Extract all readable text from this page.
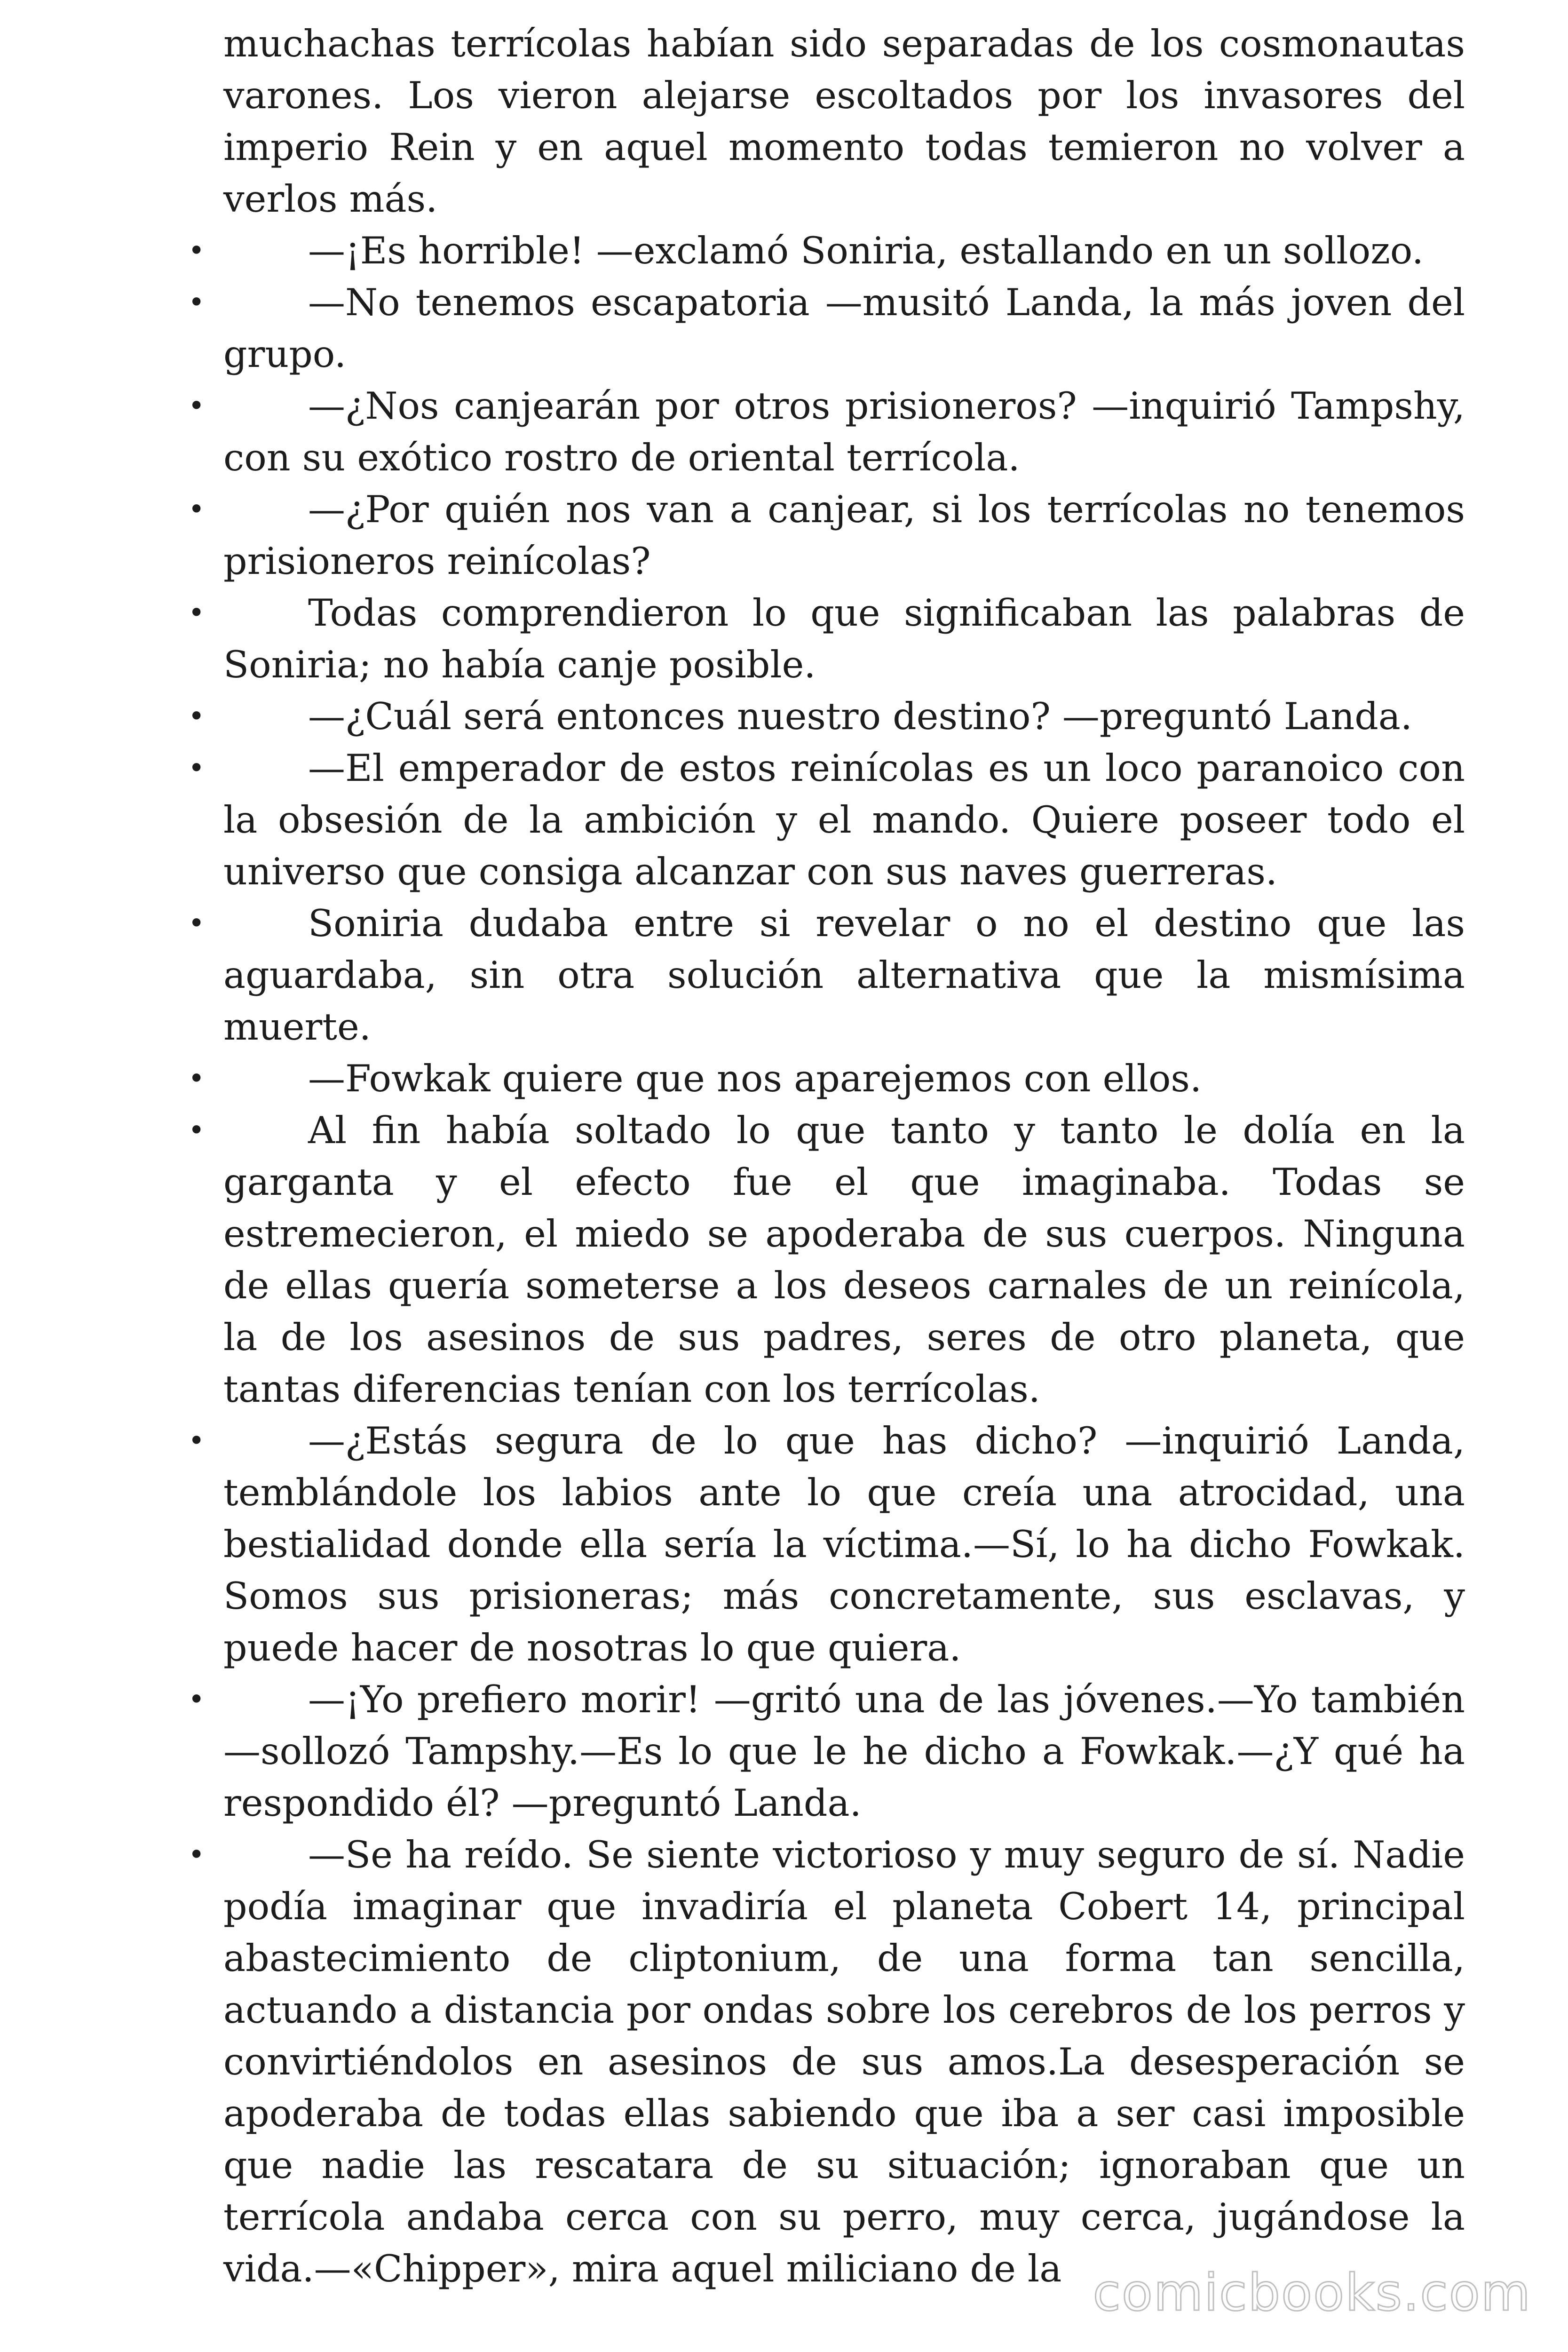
muchachas terrícolas habían sido separadas de los cosmonautas varones. Los vieron alejarse escoltados por los invasores del imperio Rein y en aquel momento todas temieron no volver a verlos más.

•	—¡Es horrible! —exclamó Soniria, estallando en un sollozo.

•	—No tenemos escapatoria —musitó Landa, la más joven del grupo.

•	—¿Nos canjearán por otros prisioneros? —inquirió Tampshy, con su exótico rostro de oriental terrícola.

•	—¿Por quién nos van a canjear, si los terrícolas no tenemos prisioneros reinícolas?

•	Todas comprendieron lo que significaban las palabras de Soniria; no había canje posible.

•	—¿Cuál será entonces nuestro destino? —preguntó Landa.

•	—El emperador de estos reinícolas es un loco paranoico con la obsesión de la ambición y el mando. Quiere poseer todo el universo que consiga alcanzar con sus naves guerreras.

•	Soniria dudaba entre si revelar o no el destino que las aguardaba, sin otra solución alternativa que la mismísima muerte.

•	—Fowkak quiere que nos aparejemos con ellos.

•	Al fin había soltado lo que tanto y tanto le dolía en la garganta y el efecto fue el que imaginaba. Todas se estremecieron, el miedo se apoderaba de sus cuerpos. Ninguna de ellas quería someterse a los deseos carnales de un reinícola, la de los asesinos de sus padres, seres de otro planeta, que tantas diferencias tenían con los terrícolas.

•	—¿Estás segura de lo que has dicho? —inquirió Landa, temblándole los labios ante lo que creía una atrocidad, una bestialidad donde ella sería la víctima.—Sí, lo ha dicho Fowkak. Somos sus prisioneras; más concretamente, sus esclavas, y puede hacer de nosotras lo que quiera.

•	—¡Yo prefiero morir! —gritó una de las jóvenes.—Yo también —sollozó Tampshy.—Es lo que le he dicho a Fowkak.—¿Y qué ha respondido él? —preguntó Landa.

•	—Se ha reído. Se siente victorioso y muy seguro de sí. Nadie podía imaginar que invadiría el planeta Cobert 14, principal abastecimiento de cliptonium, de una forma tan sencilla, actuando a distancia por ondas sobre los cerebros de los perros y convirtiéndolos en asesinos de sus amos.La desesperación se apoderaba de todas ellas sabiendo que iba a ser casi imposible que nadie las rescatara de su situación; ignoraban que un terrícola andaba cerca con su perro, muy cerca, jugándose la vida.—«Chipper», mira aquel miliciano de la comicbooks.com
